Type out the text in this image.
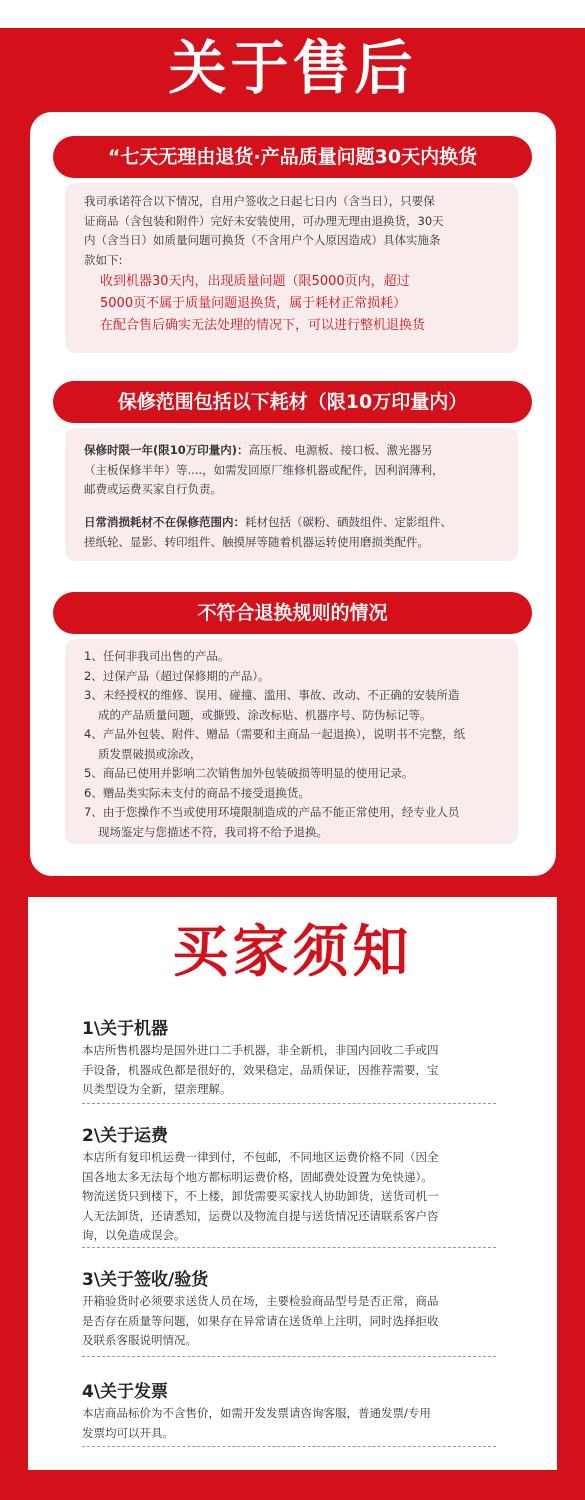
关于售后
“七天无理由退货·产品质量问题30天内换货
我司承诺符合以下情况，自用户签收之日起七日内（含当日），只要保
证商品（含包装和附件）完好未安装使用，可办理无理由退换货，30天
内（含当日）如质量问题可换货（不含用户个人原因造成）具体实施条
款如下:
收到机器30天内，出现质量问题（限5000页内，超过
5000页不属于质量问题退换货，属于耗材正常损耗）
在配合售后确实无法处理的情况下，可以进行整机退换货
保修范围包括以下耗材（限10万印量内）
保修时限一年(限10万印量内)：高压板、电源板、接口板、激光器另
（主板保修半年）等....，如需发回原厂维修机器或配件，因利润薄利，
邮费或运费买家自行负责。
日常消损耗材不在保修范围内：耗材包括（碳粉、硒鼓组件、定影组件、
搓纸轮、显影、转印组件、触摸屏等随着机器运转使用磨损类配件。
不符合退换规则的情况
1、任何非我司出售的产品。
2、过保产品（超过保修期的产品）。
3、未经授权的维修、误用、碰撞、滥用、事故、改动、不正确的安装所造
成的产品质量问题，或撕毁、涂改标贴、机器序号、防伪标记等。
4、产品外包装、附件、赠品（需要和主商品一起退换），说明书不完整，纸
质发票破损或涂改，
5、商品已使用并影响二次销售加外包装破损等明显的使用记录。
6、赠品类实际未支付的商品不接受退换货。
7、由于您操作不当或使用环境限制造成的产品不能正常使用，经专业人员
现场鉴定与您描述不符，我司将不给予退换。
买家须知
1\关于机器
本店所售机器均是国外进口二手机器，非全新机，非国内回收二手或四
手设备，机器成色都是很好的，效果稳定，品质保证，因推荐需要，宝
贝类型设为全新，望亲理解。
2\关于运费
本店所有复印机运费一律到付，不包邮，不同地区运费价格不同（因全
国各地太多无法每个地方都标明运费价格，固邮费处设置为免快递）。
物流送货只到楼下，不上楼，卸货需要买家找人协助卸货，送货司机一
人无法卸货，还请悉知，运费以及物流自提与送货情况还请联系客户咨
询，以免造成误会。
3\关于签收/验货
开箱验货时必须要求送货人员在场，主要检验商品型号是否正常，商品
是否存在质量等问题，如果存在异常请在送货单上注明，同时选择拒收
及联系客服说明情况。
4\关于发票
本店商品标价为不含售价，如需开发发票请咨询客服，普通发票/专用
发票均可以开具。
